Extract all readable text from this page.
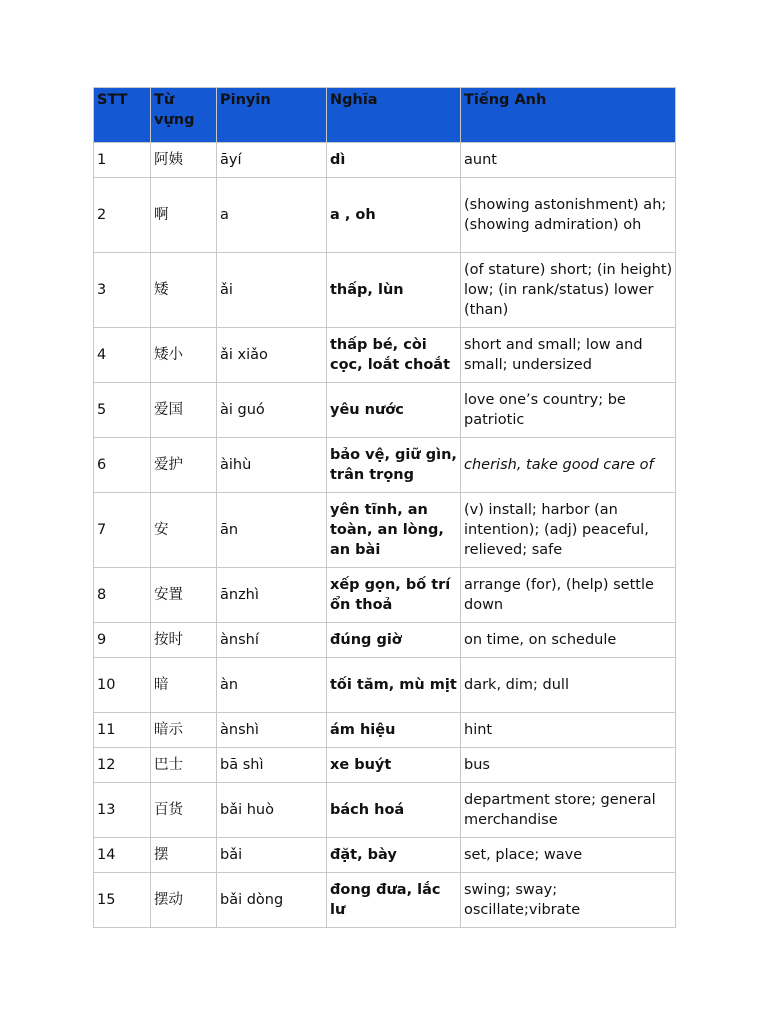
STT	Từ vựng	Pinyin	Nghĩa	Tiếng Anh
1	阿姨	āyí	dì	aunt
2	啊	a	a , oh	(showing astonishment) ah; (showing admiration) oh
3	矮	ǎi	thấp, lùn	(of stature) short; (in height) low; (in rank/status) lower (than)
4	矮小	ǎi xiǎo	thấp bé, còi cọc, loắt choắt	short and small; low and small; undersized
5	爱国	ài guó	yêu nước	love one’s country; be patriotic
6	爱护	àihù	bảo vệ, giữ gìn, trân trọng	cherish, take good care of
7	安	ān	yên tĩnh, an toàn, an lòng, an bài	(v) install; harbor (an intention); (adj) peaceful, relieved; safe
8	安置	ānzhì	xếp gọn, bố trí ổn thoả	arrange (for), (help) settle down
9	按时	ànshí	đúng giờ	on time, on schedule
10	暗	àn	tối tăm, mù mịt	dark, dim; dull
11	暗示	ànshì	ám hiệu	hint
12	巴士	bā shì	xe buýt	bus
13	百货	bǎi huò	bách hoá	department store; general merchandise
14	摆	bǎi	đặt, bày	set, place; wave
15	摆动	bǎi dòng	đong đưa, lắc lư	swing; sway; oscillate;vibrate
